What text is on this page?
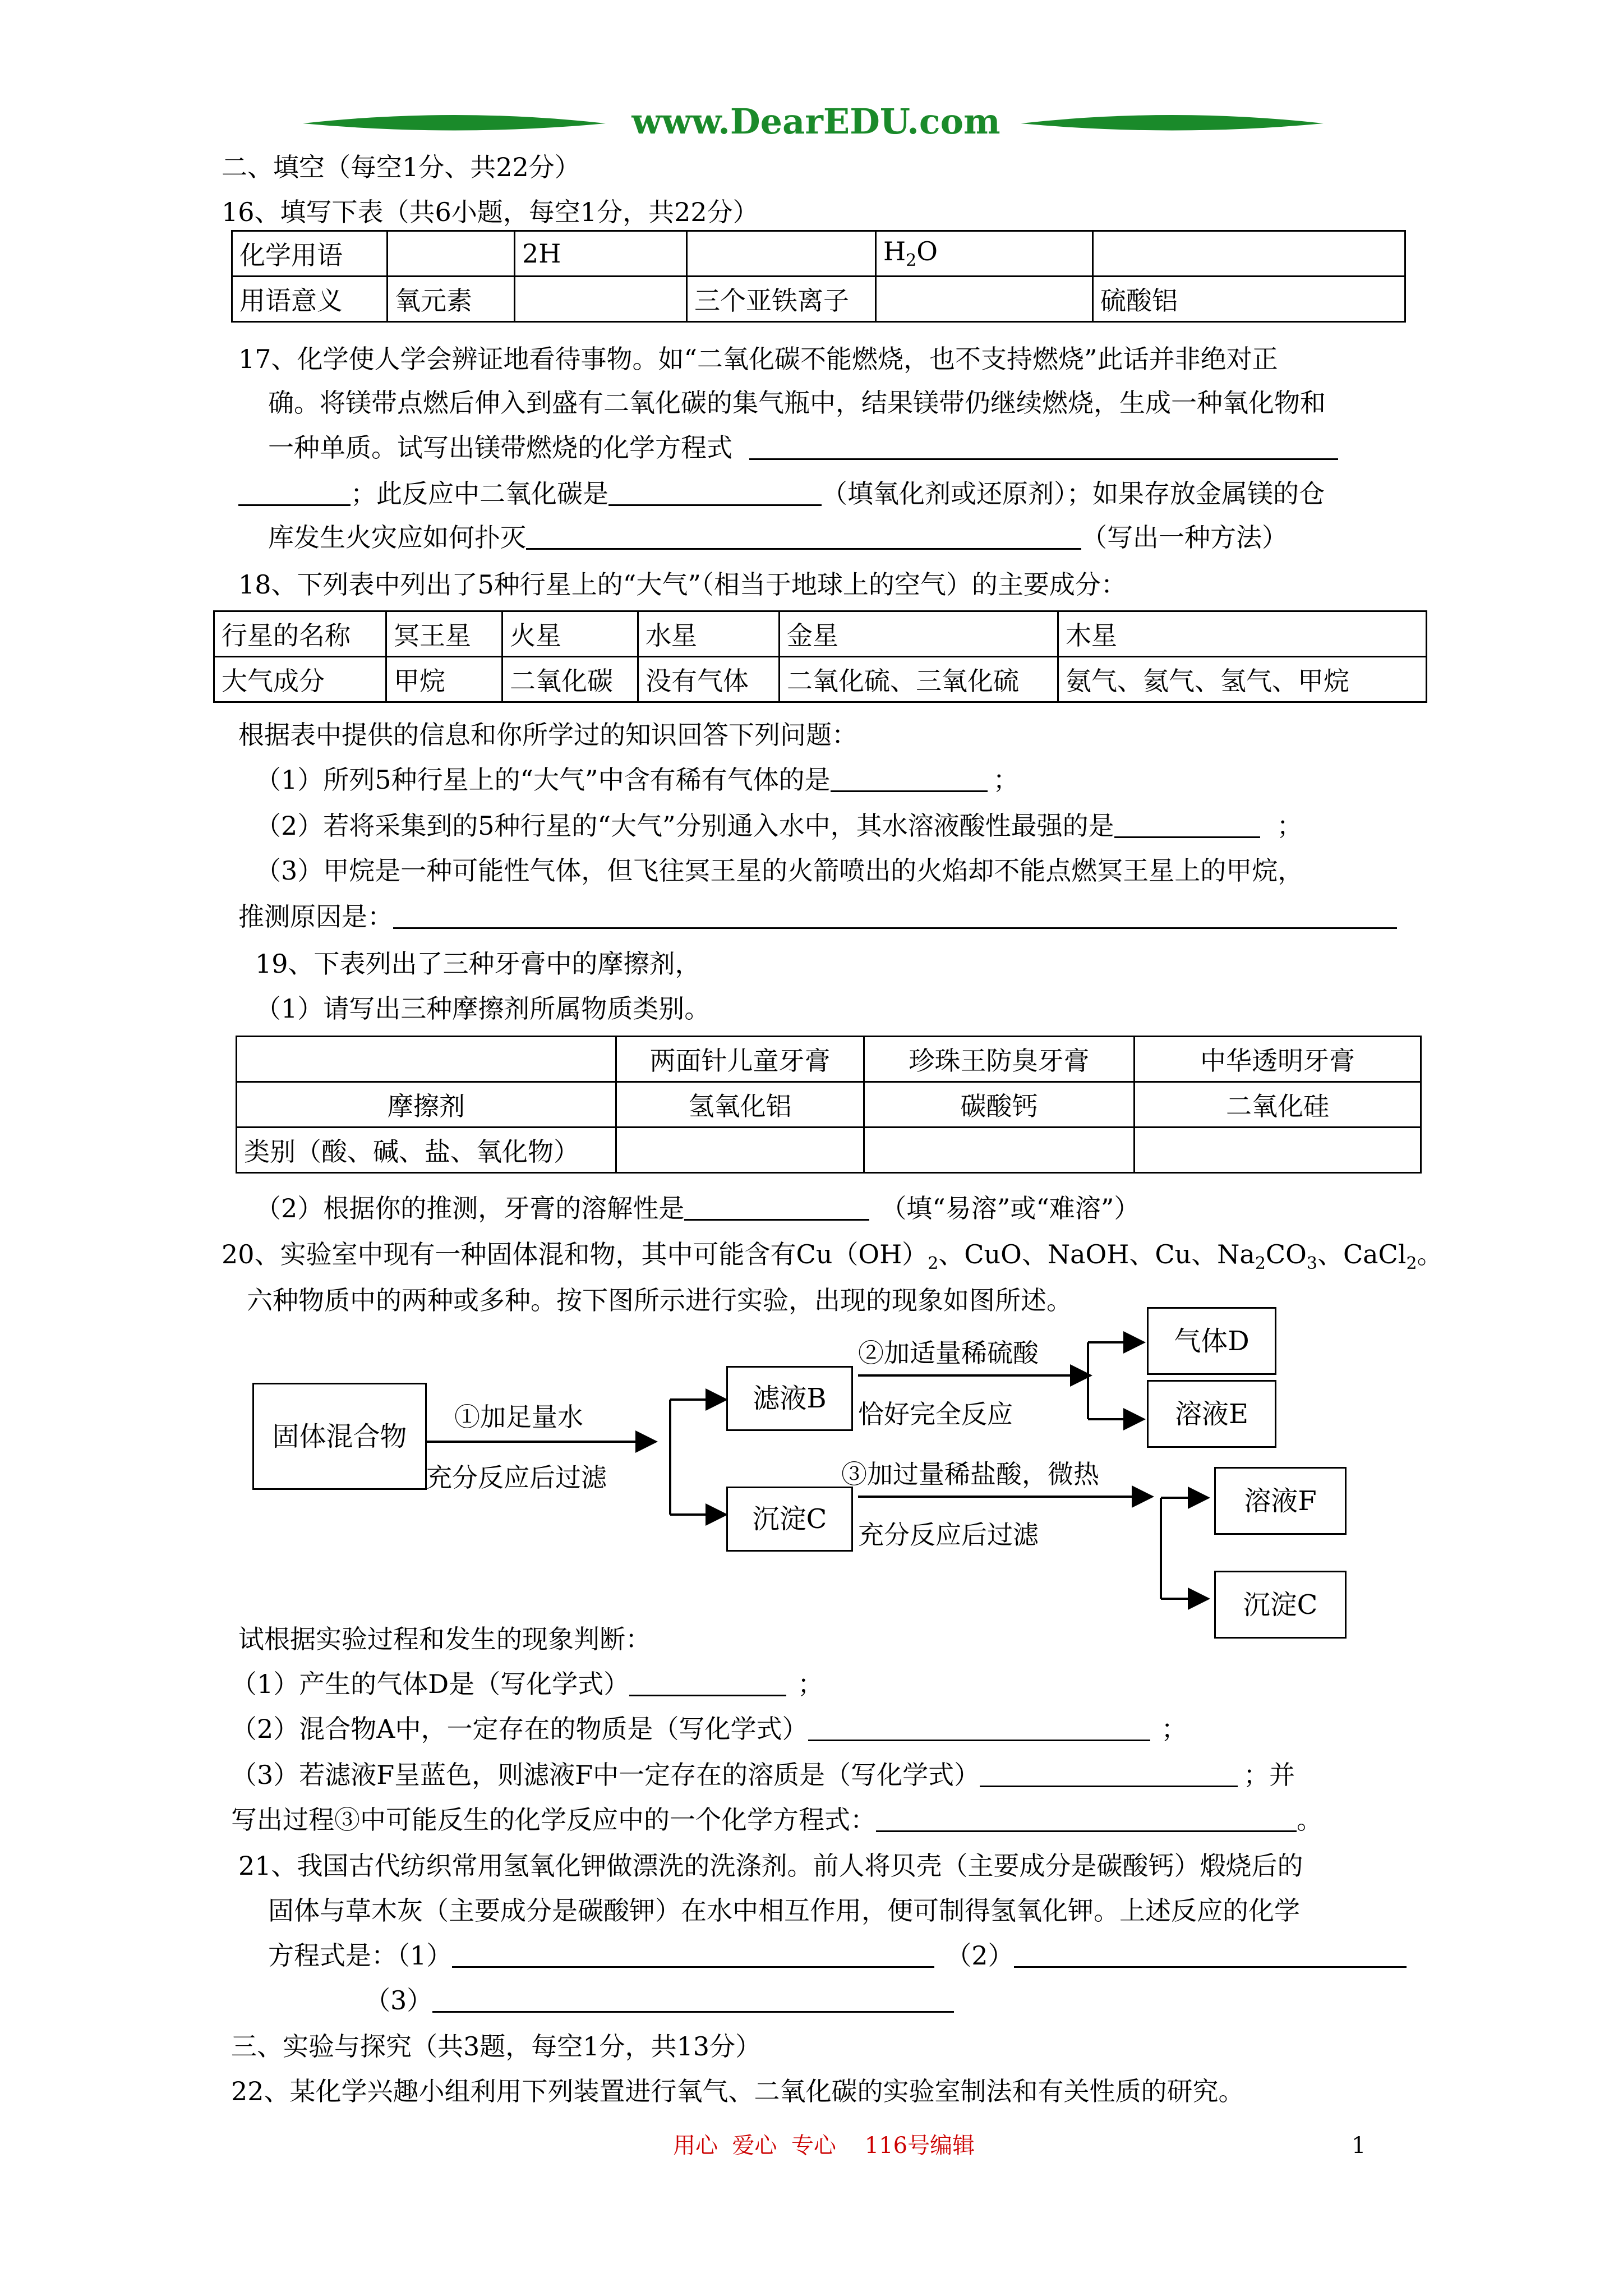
www.DearEDU.com
二、填空（每空1分、共22分）
16、填写下表（共6小题，每空1分，共22分）
化学用语		2H		$H_2O$	
用语意义	氧元素		三个亚铁离子		硫酸铝
17、化学使人学会辨证地看待事物。如“二氧化碳不能燃烧，也不支持燃烧”此话并非绝对正
确。将镁带点燃后伸入到盛有二氧化碳的集气瓶中，结果镁带仍继续燃烧，生成一种氧化物和
一种单质。试写出镁带燃烧的化学方程式
；此反应中二氧化碳是	（填氧化剂或还原剂）；如果存放金属镁的仓
库发生火灾应如何扑灭	（写出一种方法）
18、下列表中列出了5种行星上的“大气”（相当于地球上的空气）的主要成分：
行星的名称	冥王星	火星	水星	金星	木星
大气成分	甲烷	二氧化碳	没有气体	二氧化硫、三氧化硫	氨气、氦气、氢气、甲烷
根据表中提供的信息和你所学过的知识回答下列问题：
（1）所列5种行星上的“大气”中含有稀有气体的是	；
（2）若将采集到的5种行星的“大气”分别通入水中，其水溶液酸性最强的是	；
（3）甲烷是一种可能性气体，但飞往冥王星的火箭喷出的火焰却不能点燃冥王星上的甲烷，
推测原因是：
19、下表列出了三种牙膏中的摩擦剂，
（1）请写出三种摩擦剂所属物质类别。
	两面针儿童牙膏	珍珠王防臭牙膏	中华透明牙膏
摩擦剂	氢氧化铝	碳酸钙	二氧化硅
类别（酸、碱、盐、氧化物）			
（2）根据你的推测，牙膏的溶解性是	（填“易溶”或“难溶”）
20、实验室中现有一种固体混和物，其中可能含有$Cu(OH)_2$、CuO、NaOH、Cu、$Na_2CO_3$、CaCl$_2$。
六种物质中的两种或多种。按下图所示进行实验，出现的现象如图所述。
固体混合物
①加足量水
充分反应后过滤
滤液B
沉淀C
②加适量稀硫酸
恰好完全反应
气体D
溶液E
③加过量稀盐酸，微热
充分反应后过滤
溶液F
沉淀C
试根据实验过程和发生的现象判断：
（1）产生的气体D是（写化学式）	；
（2）混合物A中，一定存在的物质是（写化学式）	；
（3）若滤液F呈蓝色，则滤液F中一定存在的溶质是（写化学式）	；并
写出过程③中可能反生的化学反应中的一个化学方程式：	。
21、我国古代纺织常用氢氧化钾做漂洗的洗涤剂。前人将贝壳（主要成分是碳酸钙）煅烧后的
固体与草木灰（主要成分是碳酸钾）在水中相互作用，便可制得氢氧化钾。上述反应的化学
方程式是：（1）	（2）
（3）
三、实验与探究（共3题，每空1分，共13分）
22、某化学兴趣小组利用下列装置进行氧气、二氧化碳的实验室制法和有关性质的研究。
用心  爱心  专心    116号编辑	1
